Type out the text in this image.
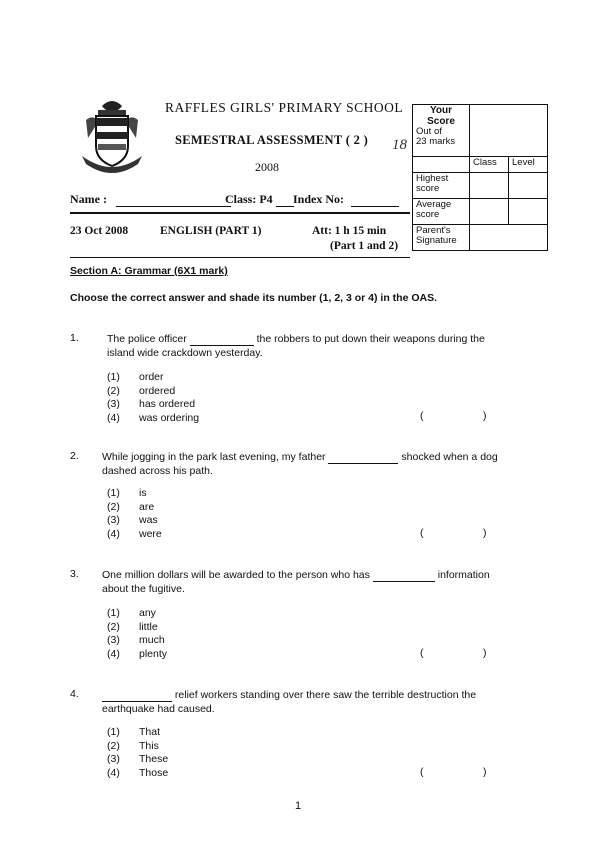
RAFFLES GIRLS' PRIMARY SCHOOL
SEMESTRAL ASSESSMENT ( 2 )
2008
18
Name :	Class: P4	Index No:
23 Oct 2008	ENGLISH (PART 1)	Att: 1 h 15 min
(Part 1 and 2)
Your Score
Out of
23 marks		

	Class	Level
Highest score		
Average score		
Parent's Signature		
Section A: Grammar (6X1 mark)
Choose the correct answer and shade its number (1, 2, 3 or 4) in the OAS.
1.	The police officer	the robbers to put down their weapons during the
island wide crackdown yesterday.
(1) order
(2) ordered
(3) has ordered
(4) was ordering	(	)
2. While jogging in the park last evening, my father	shocked when a dog
dashed across his path.
(1) is
(2) are
(3) was
(4) were	(	)
3. One million dollars will be awarded to the person who has	information
about the fugitive.
(1) any
(2) little
(3) much
(4) plenty	(	)
4.	relief workers standing over there saw the terrible destruction the
earthquake had caused.
(1) That
(2) This
(3) These
(4) Those	(	)
1
